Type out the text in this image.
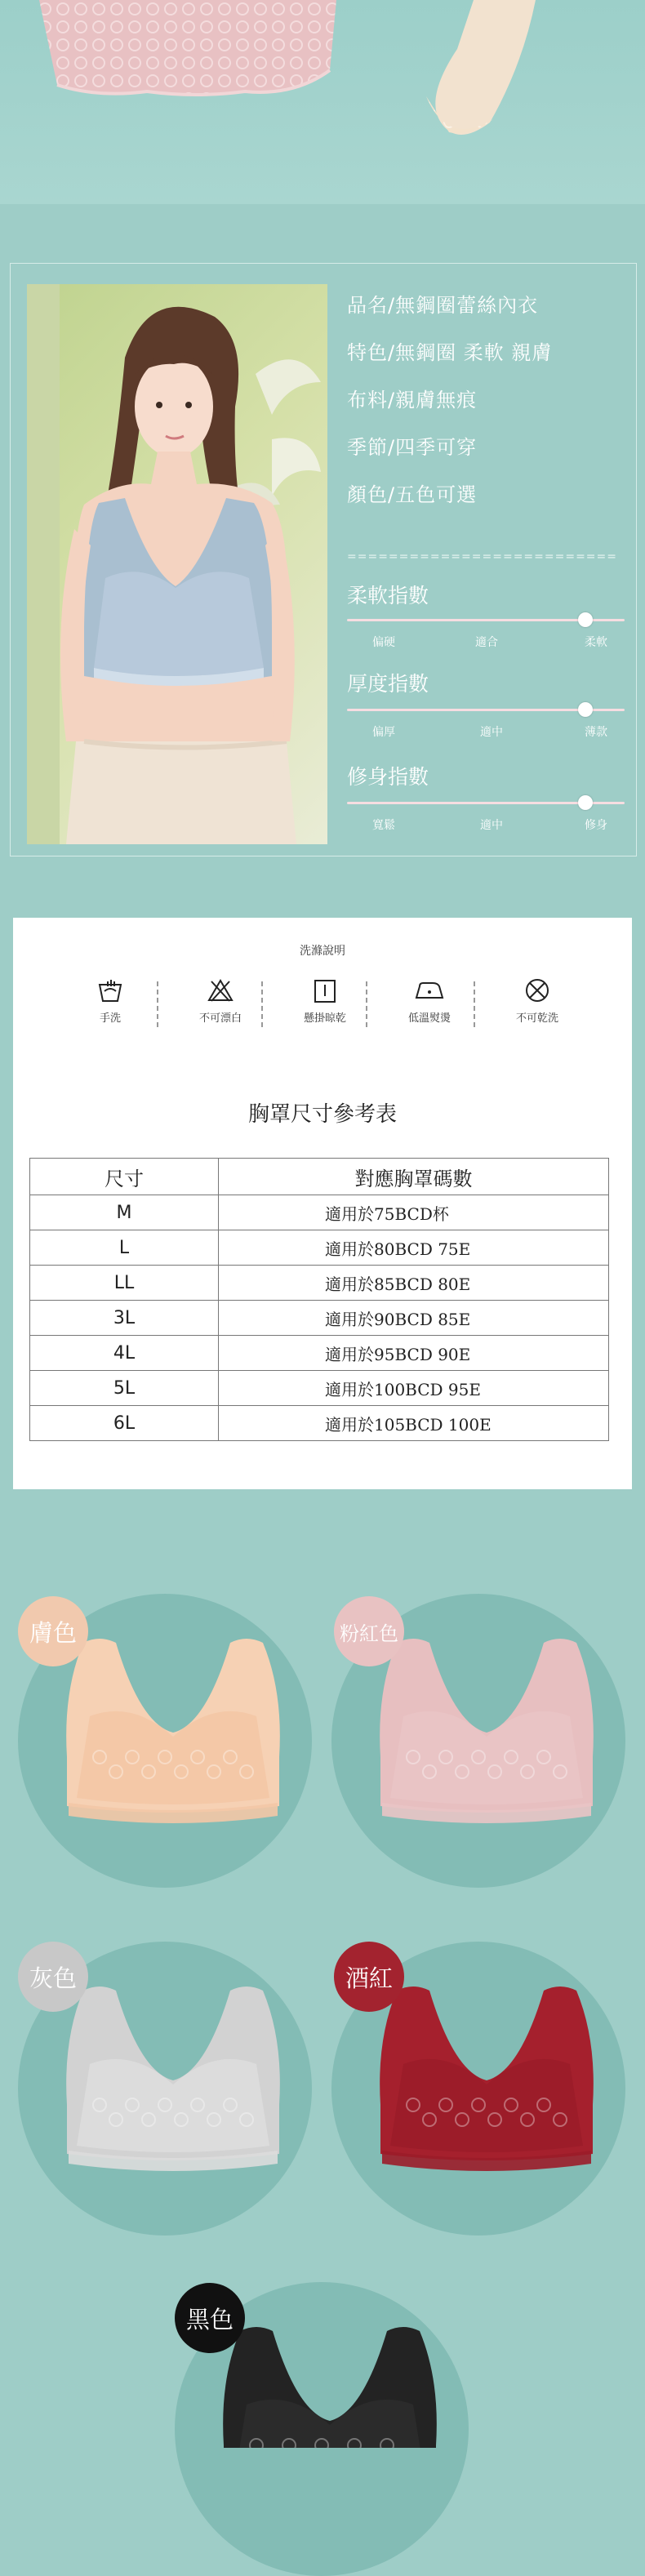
品名/無鋼圈蕾絲內衣
特色/無鋼圈 柔軟 親膚
布料/親膚無痕
季節/四季可穿
顏色/五色可選
==========================
柔軟指數
偏硬	適合	柔軟
厚度指數
偏厚	適中	薄款
修身指數
寬鬆	適中	修身
洗滌說明
手洗	不可漂白	懸掛晾乾	低溫熨燙	不可乾洗
胸罩尺寸參考表
尺寸	對應胸罩碼數
M	適用於75BCD杯
L	適用於80BCD 75E
LL	適用於85BCD 80E
3L	適用於90BCD 85E
4L	適用於95BCD 90E
5L	適用於100BCD 95E
6L	適用於105BCD 100E
膚色	粉紅色
灰色	酒紅
黑色
